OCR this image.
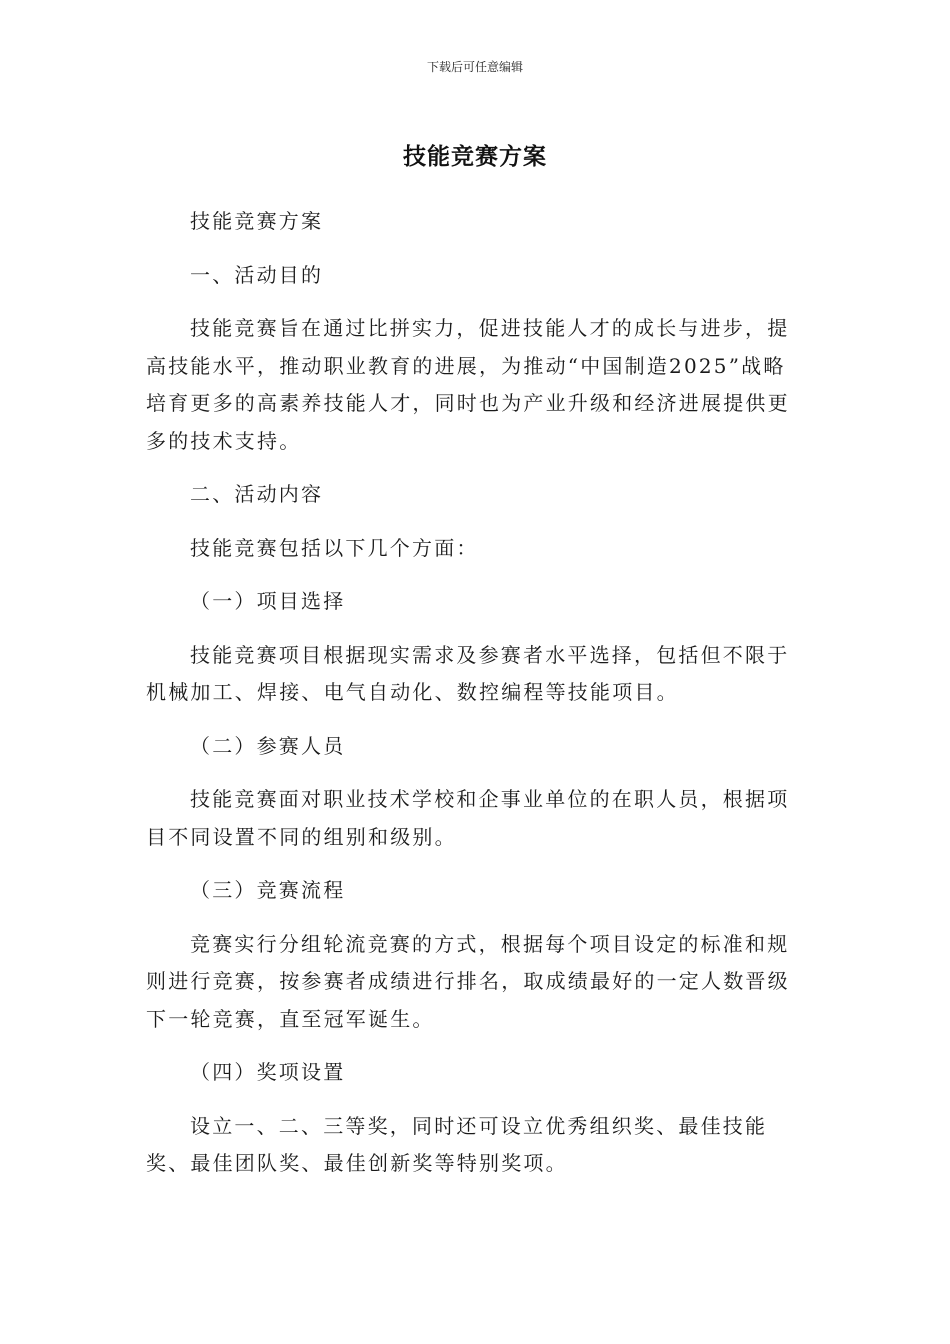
下载后可任意编辑
技能竞赛方案

技能竞赛方案

一、活动目的

技能竞赛旨在通过比拼实力，促进技能人才的成长与进步，提高技能水平，推动职业教育的进展，为推动“中国制造2025”战略培育更多的高素养技能人才，同时也为产业升级和经济进展提供更多的技术支持。

二、活动内容

技能竞赛包括以下几个方面：

（一）项目选择

技能竞赛项目根据现实需求及参赛者水平选择，包括但不限于机械加工、焊接、电气自动化、数控编程等技能项目。

（二）参赛人员

技能竞赛面对职业技术学校和企事业单位的在职人员，根据项目不同设置不同的组别和级别。

（三）竞赛流程

竞赛实行分组轮流竞赛的方式，根据每个项目设定的标准和规则进行竞赛，按参赛者成绩进行排名，取成绩最好的一定人数晋级下一轮竞赛，直至冠军诞生。

（四）奖项设置

设立一、二、三等奖，同时还可设立优秀组织奖、最佳技能奖、最佳团队奖、最佳创新奖等特别奖项。
